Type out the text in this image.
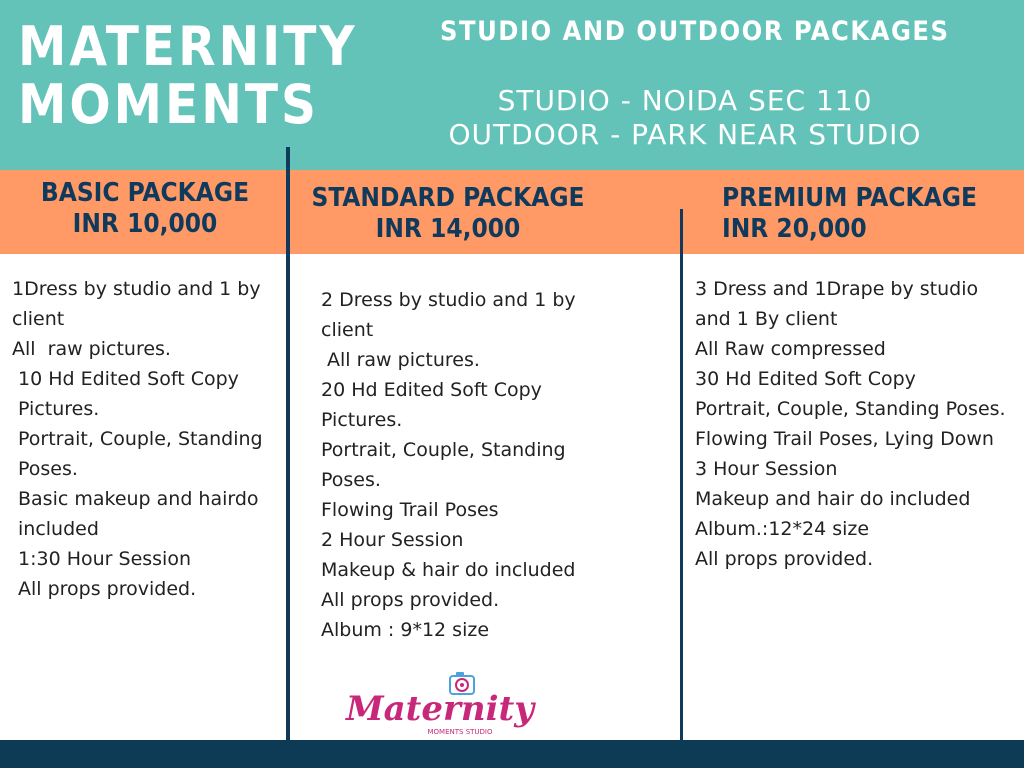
MATERNITY
MOMENTS
STUDIO AND OUTDOOR PACKAGES
STUDIO - NOIDA SEC 110
OUTDOOR - PARK NEAR STUDIO
BASIC PACKAGE
INR 10,000
STANDARD PACKAGE
INR 14,000
PREMIUM PACKAGE
INR 20,000
1Dress by studio and 1 by client
All  raw pictures.
10 Hd Edited Soft Copy Pictures.
Portrait, Couple, Standing Poses.
Basic makeup and hairdo included
1:30 Hour Session
All props provided.
2 Dress by studio and 1 by client
All raw pictures.
20 Hd Edited Soft Copy Pictures.
Portrait, Couple, Standing Poses.
Flowing Trail Poses
2 Hour Session
Makeup & hair do included
All props provided.
Album : 9*12 size
3 Dress and 1Drape by studio and 1 By client
All Raw compressed
30 Hd Edited Soft Copy
Portrait, Couple, Standing Poses.
Flowing Trail Poses, Lying Down
3 Hour Session
Makeup and hair do included
Album.:12*24 size
All props provided.
Maternity
MOMENTS STUDIO
